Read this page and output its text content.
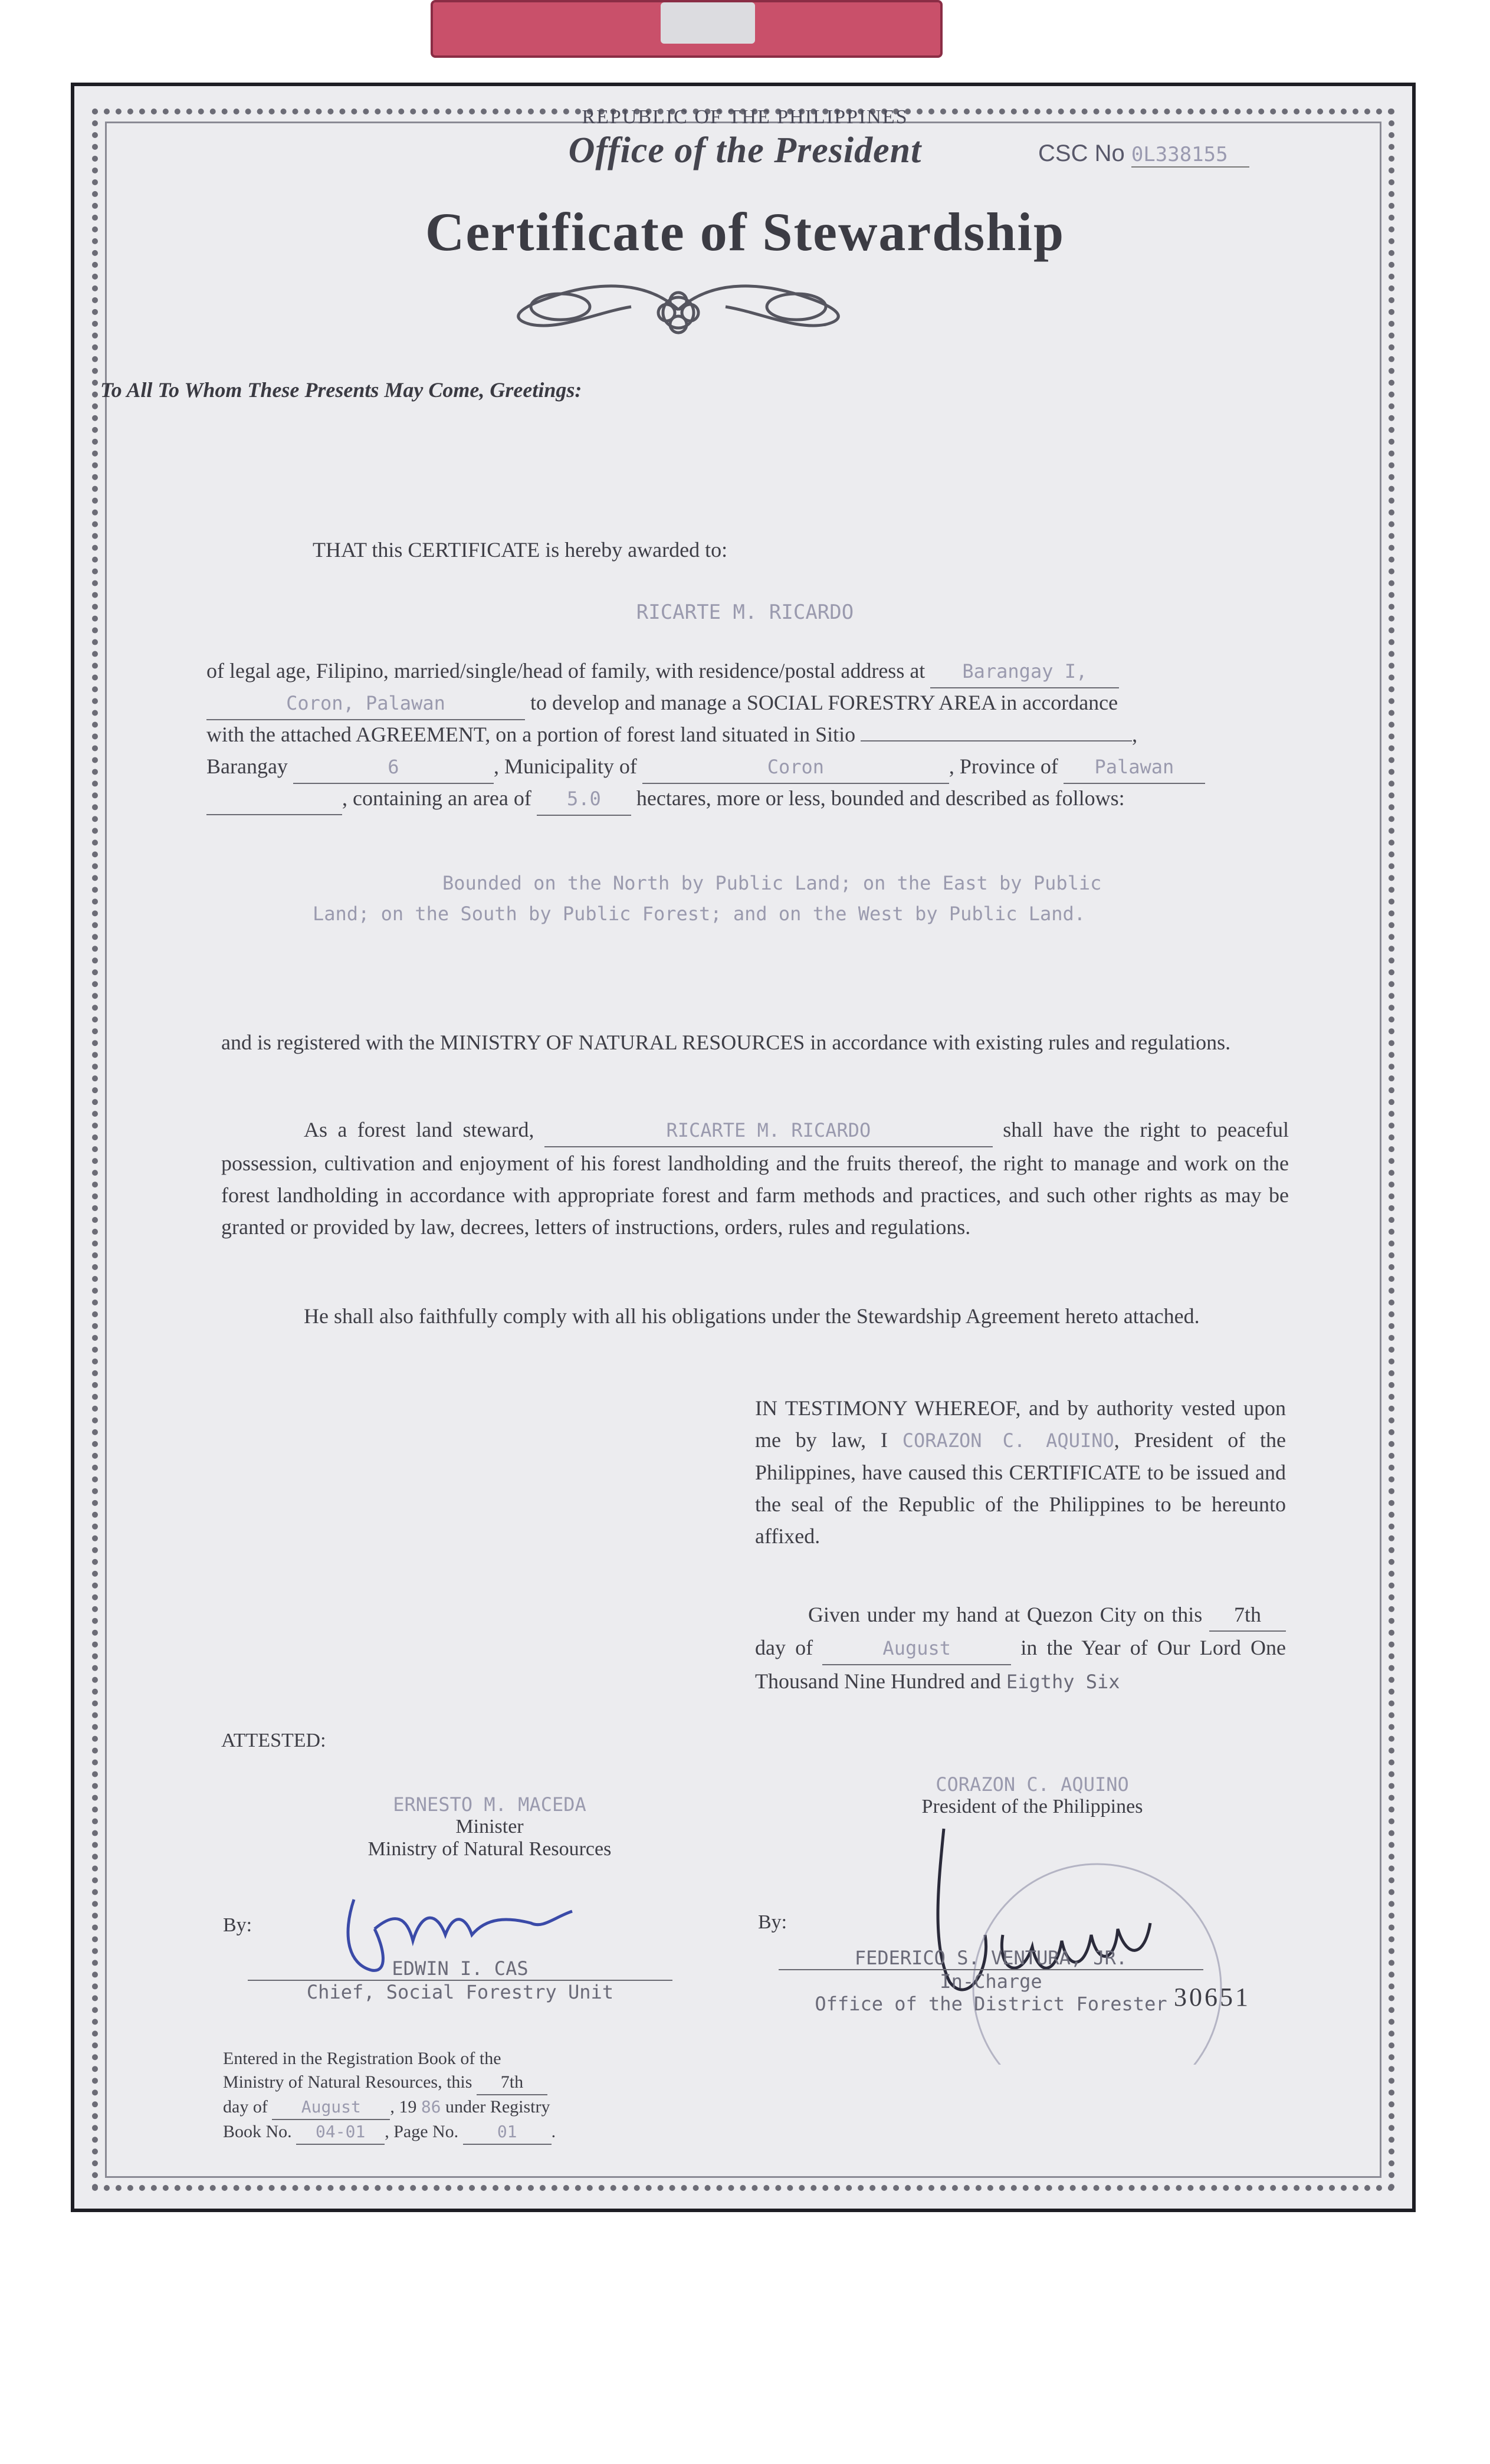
REPUBLIC OF THE PHILIPPINES
Office of the President	CSC No 0L338155
Certificate of Stewardship
To All To Whom These Presents May Come, Greetings:
THAT this CERTIFICATE is hereby awarded to:
RICARTE M. RICARDO
of legal age, Filipino, married/single/head of family, with residence/postal address at Barangay I,
Coron, Palawan	to develop and manage a SOCIAL FORESTRY AREA in accordance
with the attached AGREEMENT, on a portion of forest land situated in Sitio	,
Barangay	6	, Municipality of	Coron	, Province of Palawan
, containing an area of 5.0 hectares, more or less, bounded and described as follows:
Bounded on the North by Public Land; on the East by Public
Land; on the South by Public Forest; and on the West by Public Land.
and is registered with the MINISTRY OF NATURAL RESOURCES in accordance with existing rules and regulations.
As a forest land steward,	RICARTE M. RICARDO	shall have the right to peaceful possession, cultivation and enjoyment of his forest landholding and the fruits thereof, the right to manage and work on the forest landholding in accordance with appropriate forest and farm methods and practices, and such other rights as may be granted or provided by law, decrees, letters of instructions, orders, rules and regulations.
He shall also faithfully comply with all his obligations under the Stewardship Agreement hereto attached.
IN TESTIMONY WHEREOF, and by authority vested upon me by law, I CORAZON C. AQUINO, President of the Philippines, have caused this CERTIFICATE to be issued and the seal of the Republic of the Philippines to be hereunto affixed.
Given under my hand at Quezon City on this 7th day of	August	in the Year of Our Lord One Thousand Nine Hundred and Eigthy Six
ATTESTED:
ERNESTO M. MACEDA
Minister
Ministry of Natural Resources
CORAZON C. AQUINO
President of the Philippines
By:
EDWIN I. CAS
Chief, Social Forestry Unit
By:
FEDERICO S. VENTURA, JR.
In-Charge
Office of the District Forester
Entered in the Registration Book of the
Ministry of Natural Resources, this 7th
day of August , 19 86 under Registry
Book No. 04-01 , Page No. 01 .
30651
